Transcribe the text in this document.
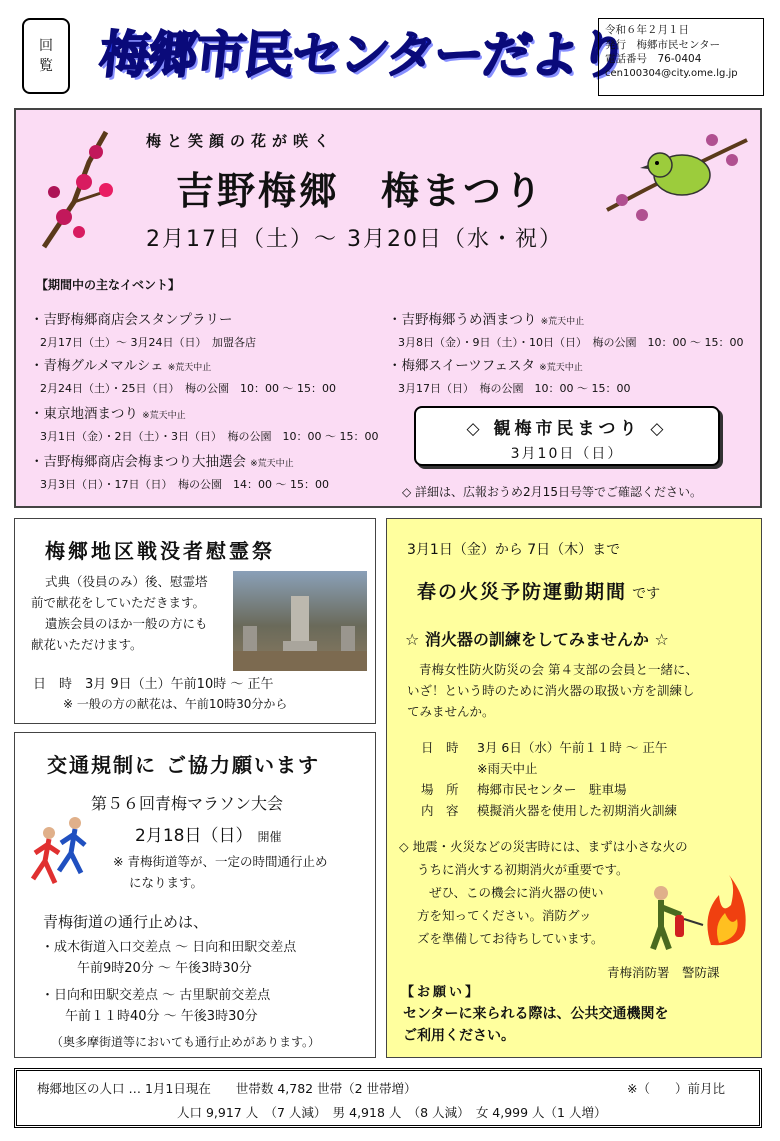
回
覧 梅郷市民センターだより
令和６年２月１日
発行　梅郷市民センター
電話番号　76-0404
cen100304@city.ome.lg.jp
梅と笑顔の花が咲く
吉野梅郷　梅まつり
2月17日（土）～ 3月20日（水・祝）
【期間中の主なイベント】
・吉野梅郷商店会スタンプラリー
2月17日（土）～ 3月24日（日）　加盟各店
・青梅グルメマルシェ ※荒天中止
2月24日（土）・25日（日）　梅の公園　10：00 ～ 15：00
・東京地酒まつり ※荒天中止
3月1日（金）・2日（土）・3日（日）　梅の公園　10：00 ～ 15：00
・吉野梅郷商店会梅まつり大抽選会 ※荒天中止
3月3日（日）・17日（日）　梅の公園　14：00 ～ 15：00
・吉野梅郷うめ酒まつり ※荒天中止
3月8日（金）・9日（土）・10日（日）　梅の公園　10：00 ～ 15：00
・梅郷スイーツフェスタ ※荒天中止
3月17日（日）　梅の公園　10：00 ～ 15：00
◇ 観梅市民まつり ◇
3月10日（日）
◇ 詳細は、広報おうめ2月15日号等でご確認ください。
梅郷地区戦没者慰霊祭
式典（役員のみ）後、慰霊塔
前で献花をしていただきます。
遺族会員のほか一般の方にも
献花いただけます。
日　時　3月 9日（土）午前10時 ～ 正午
※ 一般の方の献花は、午前10時30分から
交通規制に ご協力願います
第５６回青梅マラソン大会
2月18日（日） 開催
※ 青梅街道等が、一定の時間通行止め
になります。
青梅街道の通行止めは、
・成木街道入口交差点 ～ 日向和田駅交差点
午前9時20分 ～ 午後3時30分
・日向和田駅交差点 ～ 古里駅前交差点
午前１１時40分 ～ 午後3時30分
（奥多摩街道等においても通行止めがあります。）
3月1日（金）から 7日（木）まで
春の火災予防運動期間 です
☆ 消火器の訓練をしてみませんか ☆
青梅女性防火防災の会 第４支部の会員と一緒に、
いざ！という時のために消火器の取扱い方を訓練し
てみませんか。
日　時 3月 6日（水）午前１１時 ～ 正午
※雨天中止
場　所 梅郷市民センター　駐車場
内　容 模擬消火器を使用した初期消火訓練
◇ 地震・火災などの災害時には、まずは小さな火の
うちに消火する初期消火が重要です。
ぜひ、この機会に消火器の使い
方を知ってください。消防グッ
ズを準備してお待ちしています。
青梅消防署　警防課
【お願い】
センターに来られる際は、公共交通機関を
ご利用ください。
梅郷地区の人口 … 1月1日現在　　世帯数 4,782 世帯（2 世帯増）	※（　　）前月比
人口 9,917 人　（7 人減）　男 4,918 人　（8 人減）　女 4,999 人（1 人増）
